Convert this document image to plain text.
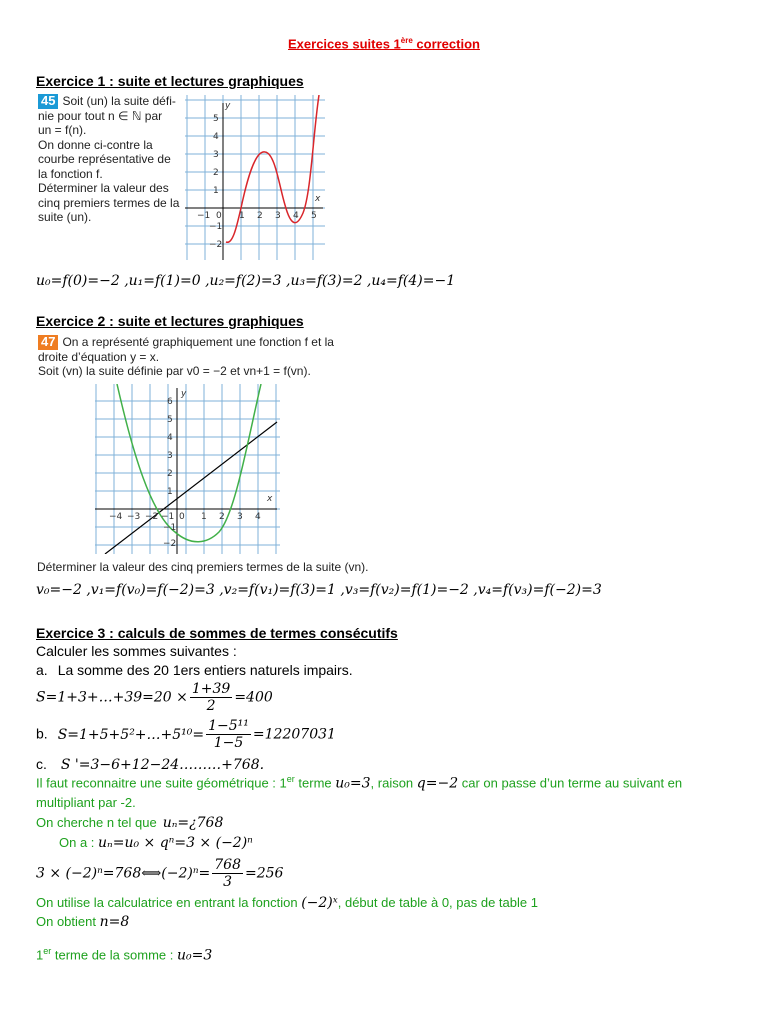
Exercices suites 1ère correction
Exercice 1 : suite et lectures graphiques
45 Soit (un) la suite défi-
nie pour tout n ∈ ℕ par
un = f(n).
On donne ci-contre la
courbe représentative de
la fonction f.
Déterminer la valeur des
cinq premiers termes de la
suite (un).
y
x
5
4
3
2
1
−1
−2
−1 0 1 2 3 4 5
u₀=f(0)=−2 ,u₁=f(1)=0 ,u₂=f(2)=3 ,u₃=f(3)=2 ,u₄=f(4)=−1
Exercice 2 : suite et lectures graphiques
47 On a représenté graphiquement une fonction f et la
droite d’équation y = x.
Soit (vn) la suite définie par v0 = −2 et vn+1 = f(vn).
y
x
6
5
4
3
2
1
−1
−2
−4 −3 −2 −1 0 1 2 3 4
Déterminer la valeur des cinq premiers termes de la suite (vn).
v₀=−2 ,v₁=f(v₀)=f(−2)=3 ,v₂=f(v₁)=f(3)=1 ,v₃=f(v₂)=f(1)=−2 ,v₄=f(v₃)=f(−2)=3
Exercice 3 : calculs de sommes de termes consécutifs
Calculer les sommes suivantes :
a. La somme des 20 1ers entiers naturels impairs.
S=1+3+…+39=20 × $\frac{1+39}{2} =400$
b. S=1+5+5²+…+5¹⁰= $\frac{\text{1−5¹¹}}{1-5} =12207031$
c. S '=3−6+12−24………+768.
Il faut reconnaitre une suite géométrique : 1er terme u₀=3, raison q=−2 car on passe d’un terme au suivant en
multipliant par -2.
On cherche n tel que uₙ=¿768
On a : uₙ=u₀ × qⁿ=3 × (−2)ⁿ
3 × (−2)ⁿ=768⟺(−2)ⁿ= $\frac{768}{3} =256$
On utilise la calculatrice en entrant la fonction (−2)ˣ, début de table à 0, pas de table 1
On obtient n=8
1er terme de la somme : u₀=3
